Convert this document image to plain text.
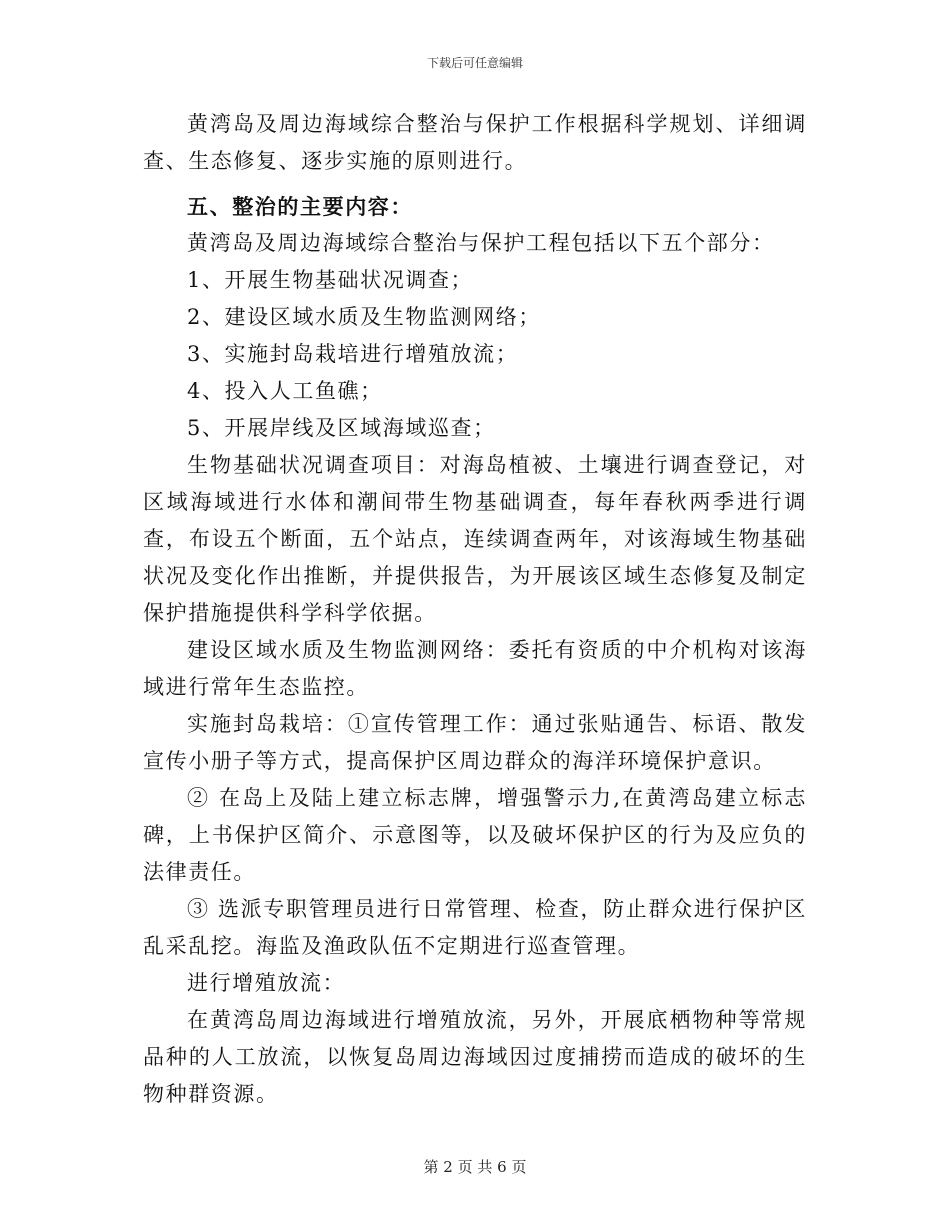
下载后可任意编辑

黄湾岛及周边海域综合整治与保护工作根据科学规划、详细调查、生态修复、逐步实施的原则进行。

五、整治的主要内容：

黄湾岛及周边海域综合整治与保护工程包括以下五个部分：

1、开展生物基础状况调查；

2、建设区域水质及生物监测网络；

3、实施封岛栽培进行增殖放流；

4、投入人工鱼礁；

5、开展岸线及区域海域巡查；

生物基础状况调查项目：对海岛植被、土壤进行调查登记，对区域海域进行水体和潮间带生物基础调查，每年春秋两季进行调查，布设五个断面，五个站点，连续调查两年，对该海域生物基础状况及变化作出推断，并提供报告，为开展该区域生态修复及制定保护措施提供科学科学依据。

建设区域水质及生物监测网络：委托有资质的中介机构对该海域进行常年生态监控。

实施封岛栽培：①宣传管理工作：通过张贴通告、标语、散发宣传小册子等方式，提高保护区周边群众的海洋环境保护意识。

② 在岛上及陆上建立标志牌，增强警示力,在黄湾岛建立标志碑，上书保护区简介、示意图等，以及破坏保护区的行为及应负的法律责任。

③ 选派专职管理员进行日常管理、检查，防止群众进行保护区乱采乱挖。海监及渔政队伍不定期进行巡查管理。

进行增殖放流：

在黄湾岛周边海域进行增殖放流，另外，开展底栖物种等常规品种的人工放流，以恢复岛周边海域因过度捕捞而造成的破坏的生物种群资源。

第 2 页 共 6 页
